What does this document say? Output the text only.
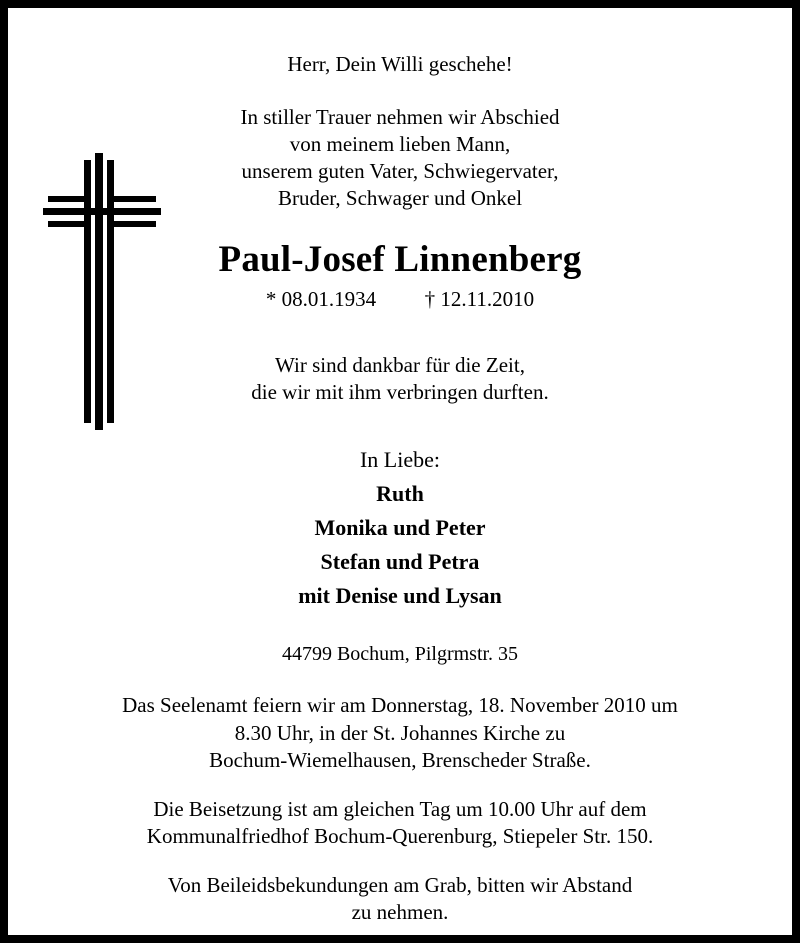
Herr, Dein Willi geschehe!
In stiller Trauer nehmen wir Abschied
von meinem lieben Mann,
unserem guten Vater, Schwiegervater,
Bruder, Schwager und Onkel
Paul-Josef Linnenberg
* 08.01.1934 † 12.11.2010
Wir sind dankbar für die Zeit,
die wir mit ihm verbringen durften.
In Liebe:
Ruth
Monika und Peter
Stefan und Petra
mit Denise und Lysan
44799 Bochum, Pilgrmstr. 35
Das Seelenamt feiern wir am Donnerstag, 18. November 2010 um
8.30 Uhr, in der St. Johannes Kirche zu
Bochum-Wiemelhausen, Brenscheder Straße.
Die Beisetzung ist am gleichen Tag um 10.00 Uhr auf dem
Kommunalfriedhof Bochum-Querenburg, Stiepeler Str. 150.
Von Beileidsbekundungen am Grab, bitten wir Abstand
zu nehmen.
